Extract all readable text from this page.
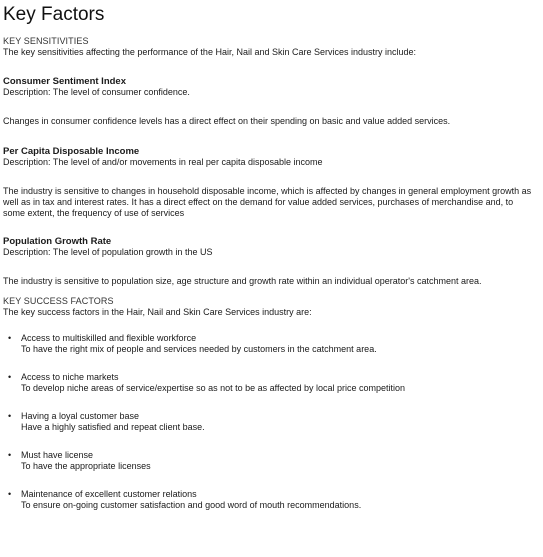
Key Factors
KEY SENSITIVITIES

The key sensitivities affecting the performance of the Hair, Nail and Skin Care Services industry include:

Consumer Sentiment Index

Description: The level of consumer confidence.

Changes in consumer confidence levels has a direct effect on their spending on basic and value added services.

Per Capita Disposable Income

Description: The level of and/or movements in real per capita disposable income

The industry is sensitive to changes in household disposable income, which is affected by changes in general employment growth as well as in tax and interest rates. It has a direct effect on the demand for value added services, purchases of merchandise and, to some extent, the frequency of use of services

Population Growth Rate

Description: The level of population growth in the US

The industry is sensitive to population size, age structure and growth rate within an individual operator's catchment area.

KEY SUCCESS FACTORS

The key success factors in the Hair, Nail and Skin Care Services industry are:

• Access to multiskilled and flexible workforce

To have the right mix of people and services needed by customers in the catchment area.

• Access to niche markets

To develop niche areas of service/expertise so as not to be as affected by local price competition

• Having a loyal customer base

Have a highly satisfied and repeat client base.

• Must have license

To have the appropriate licenses

• Maintenance of excellent customer relations

To ensure on-going customer satisfaction and good word of mouth recommendations.
